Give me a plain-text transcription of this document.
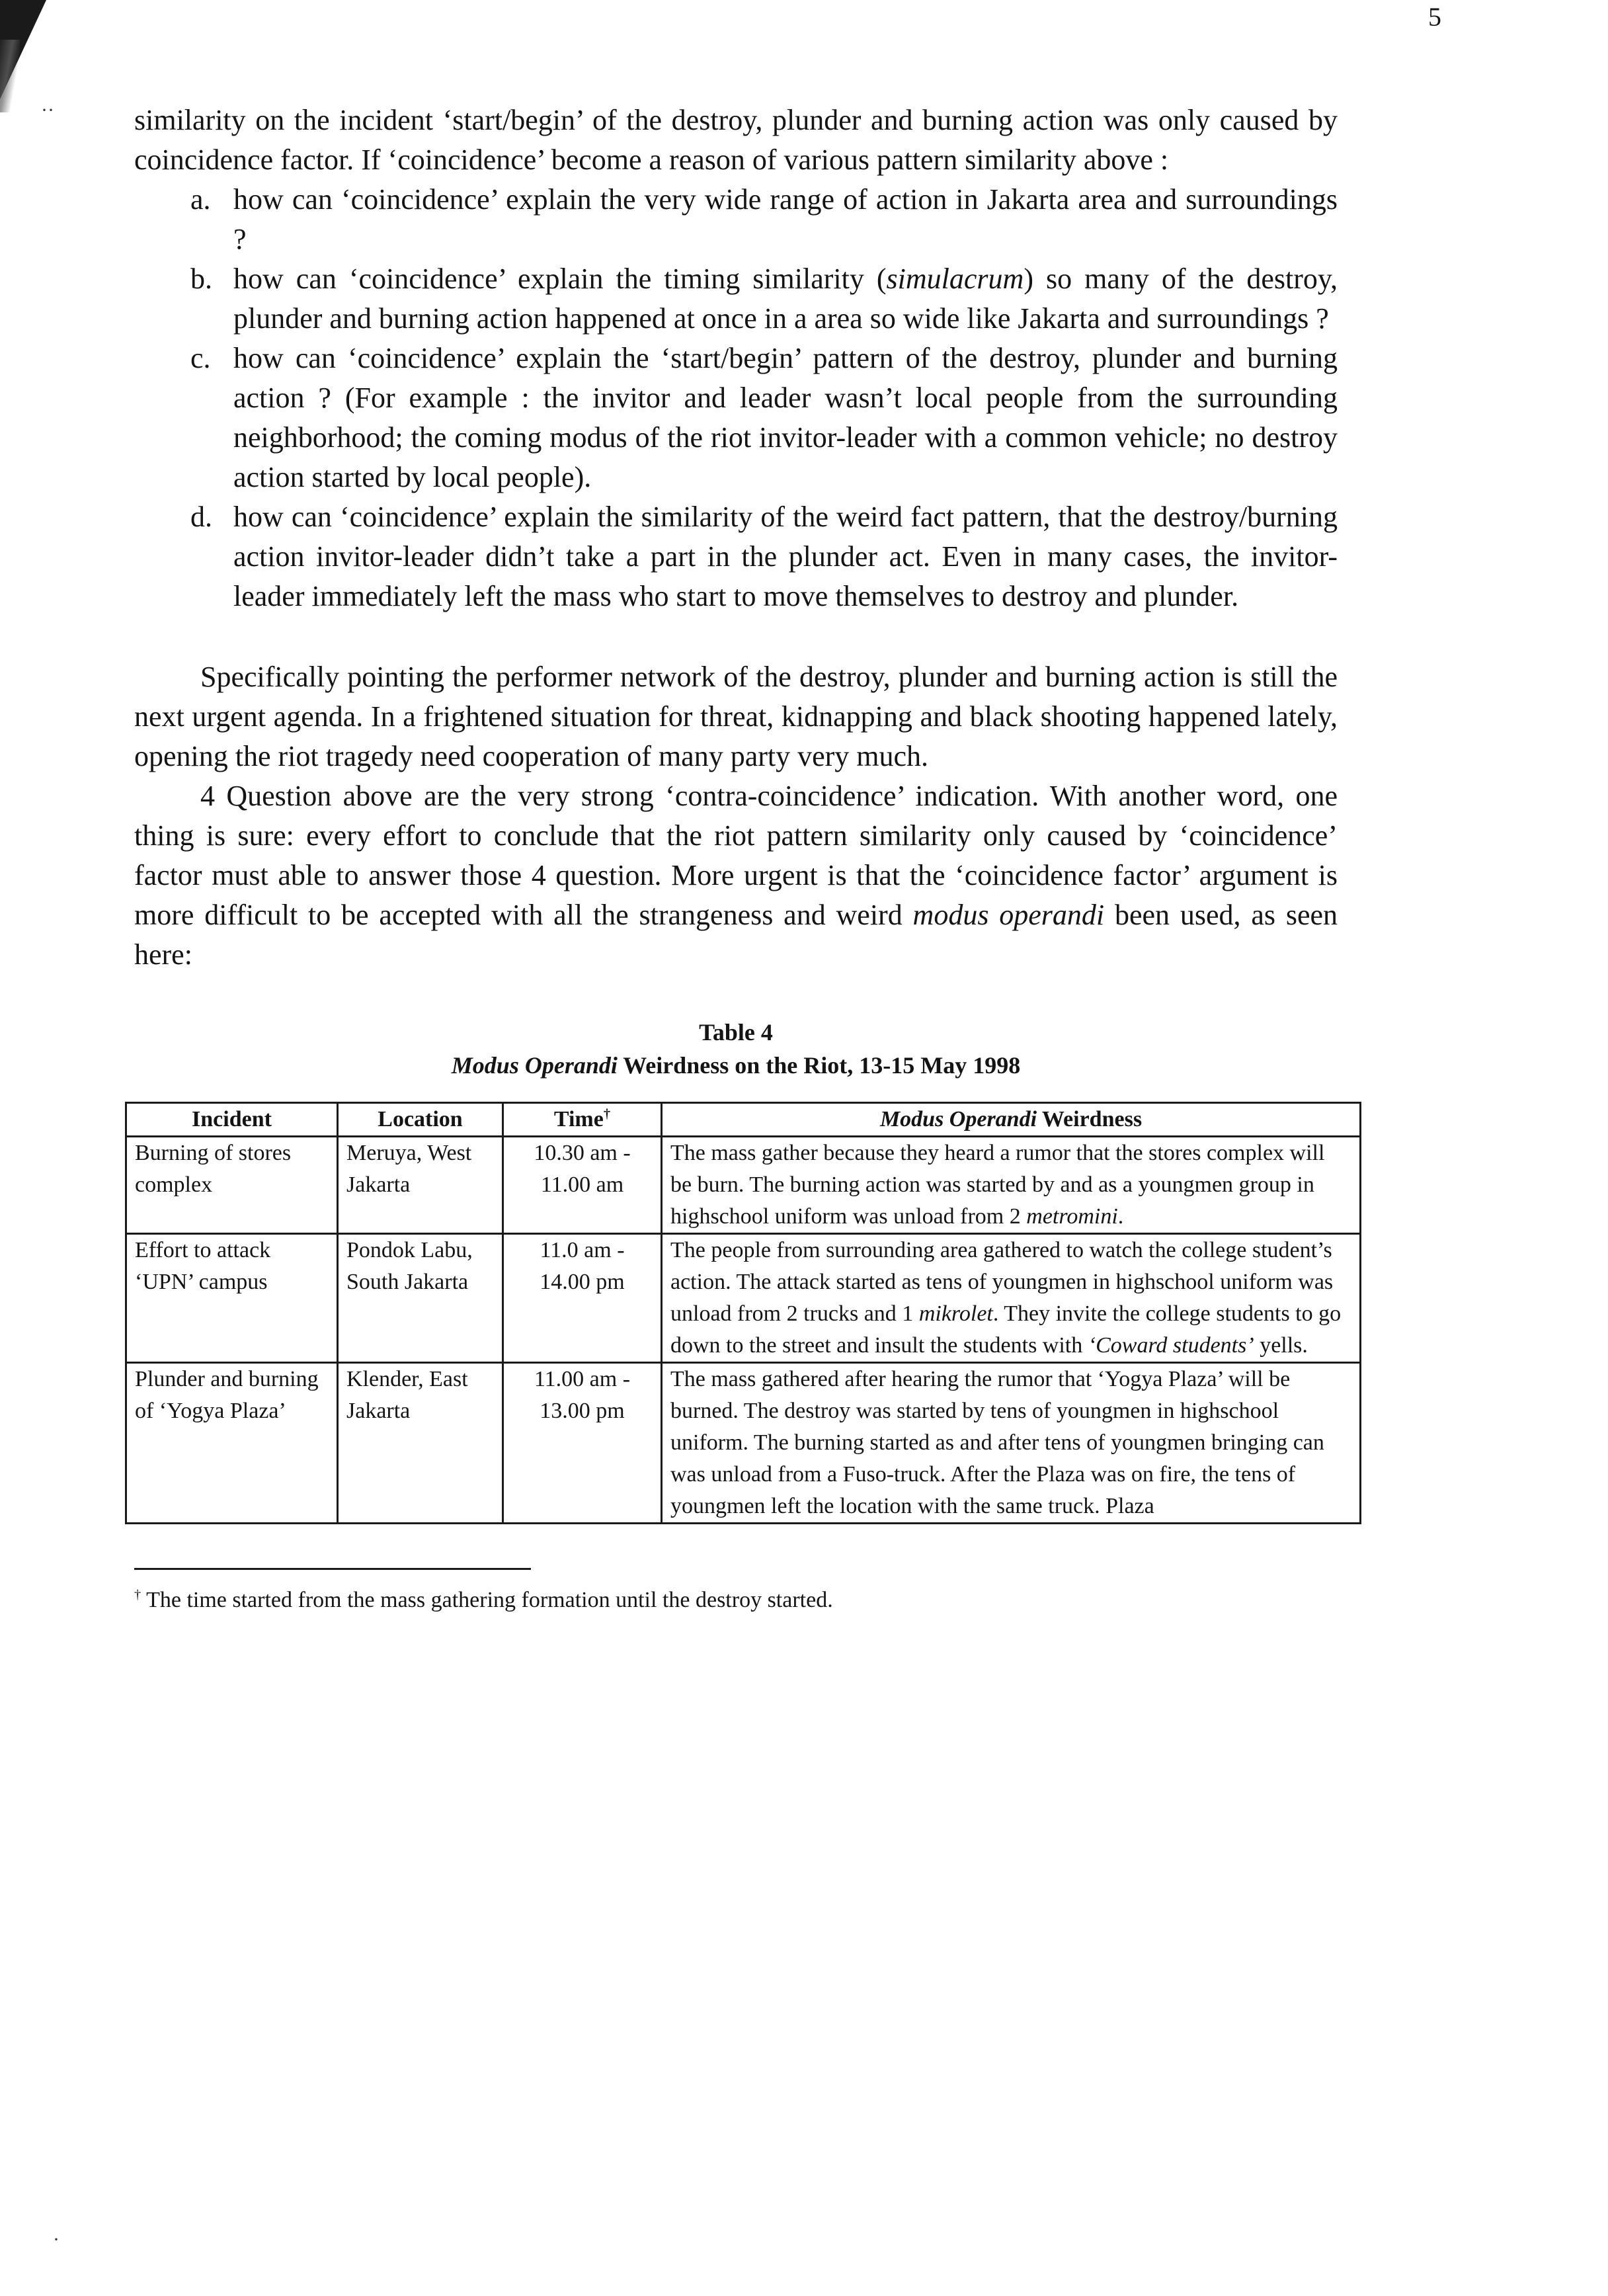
··
·
5

similarity on the incident ‘start/begin’ of the destroy, plunder and burning action was only caused by coincidence factor. If ‘coincidence’ become a reason of various pattern similarity above :

a. how can ‘coincidence’ explain the very wide range of action in Jakarta area and surroundings ?
b. how can ‘coincidence’ explain the timing similarity (simulacrum) so many of the destroy, plunder and burning action happened at once in a area so wide like Jakarta and surroundings ?
c. how can ‘coincidence’ explain the ‘start/begin’ pattern of the destroy, plunder and burning action ? (For example : the invitor and leader wasn’t local people from the surrounding neighborhood; the coming modus of the riot invitor-leader with a common vehicle; no destroy action started by local people).
d. how can ‘coincidence’ explain the similarity of the weird fact pattern, that the destroy/burning action invitor-leader didn’t take a part in the plunder act. Even in many cases, the invitor-leader immediately left the mass who start to move themselves to destroy and plunder.

Specifically pointing the performer network of the destroy, plunder and burning action is still the next urgent agenda. In a frightened situation for threat, kidnapping and black shooting happened lately, opening the riot tragedy need cooperation of many party very much.

4 Question above are the very strong ‘contra-coincidence’ indication. With another word, one thing is sure: every effort to conclude that the riot pattern similarity only caused by ‘coincidence’ factor must able to answer those 4 question. More urgent is that the ‘coincidence factor’ argument is more difficult to be accepted with all the strangeness and weird modus operandi been used, as seen here:

Table 4
Modus Operandi Weirdness on the Riot, 13-15 May 1998
Incident	Location	Time†	Modus Operandi Weirdness
Burning of stores complex	Meruya, West Jakarta	10.30 am - 11.00 am	The mass gather because they heard a rumor that the stores complex will be burn. The burning action was started by and as a youngmen group in highschool uniform was unload from 2 metromini.
Effort to attack ‘UPN’ campus	Pondok Labu, South Jakarta	11.0 am - 14.00 pm	The people from surrounding area gathered to watch the college student’s action. The attack started as tens of youngmen in highschool uniform was unload from 2 trucks and 1 mikrolet. They invite the college students to go down to the street and insult the students with ‘Coward students’ yells.
Plunder and burning of ‘Yogya Plaza’	Klender, East Jakarta	11.00 am - 13.00 pm	The mass gathered after hearing the rumor that ‘Yogya Plaza’ will be burned. The destroy was started by tens of youngmen in highschool uniform. The burning started as and after tens of youngmen bringing can was unload from a Fuso-truck. After the Plaza was on fire, the tens of youngmen left the location with the same truck. Plaza
† The time started from the mass gathering formation until the destroy started.
